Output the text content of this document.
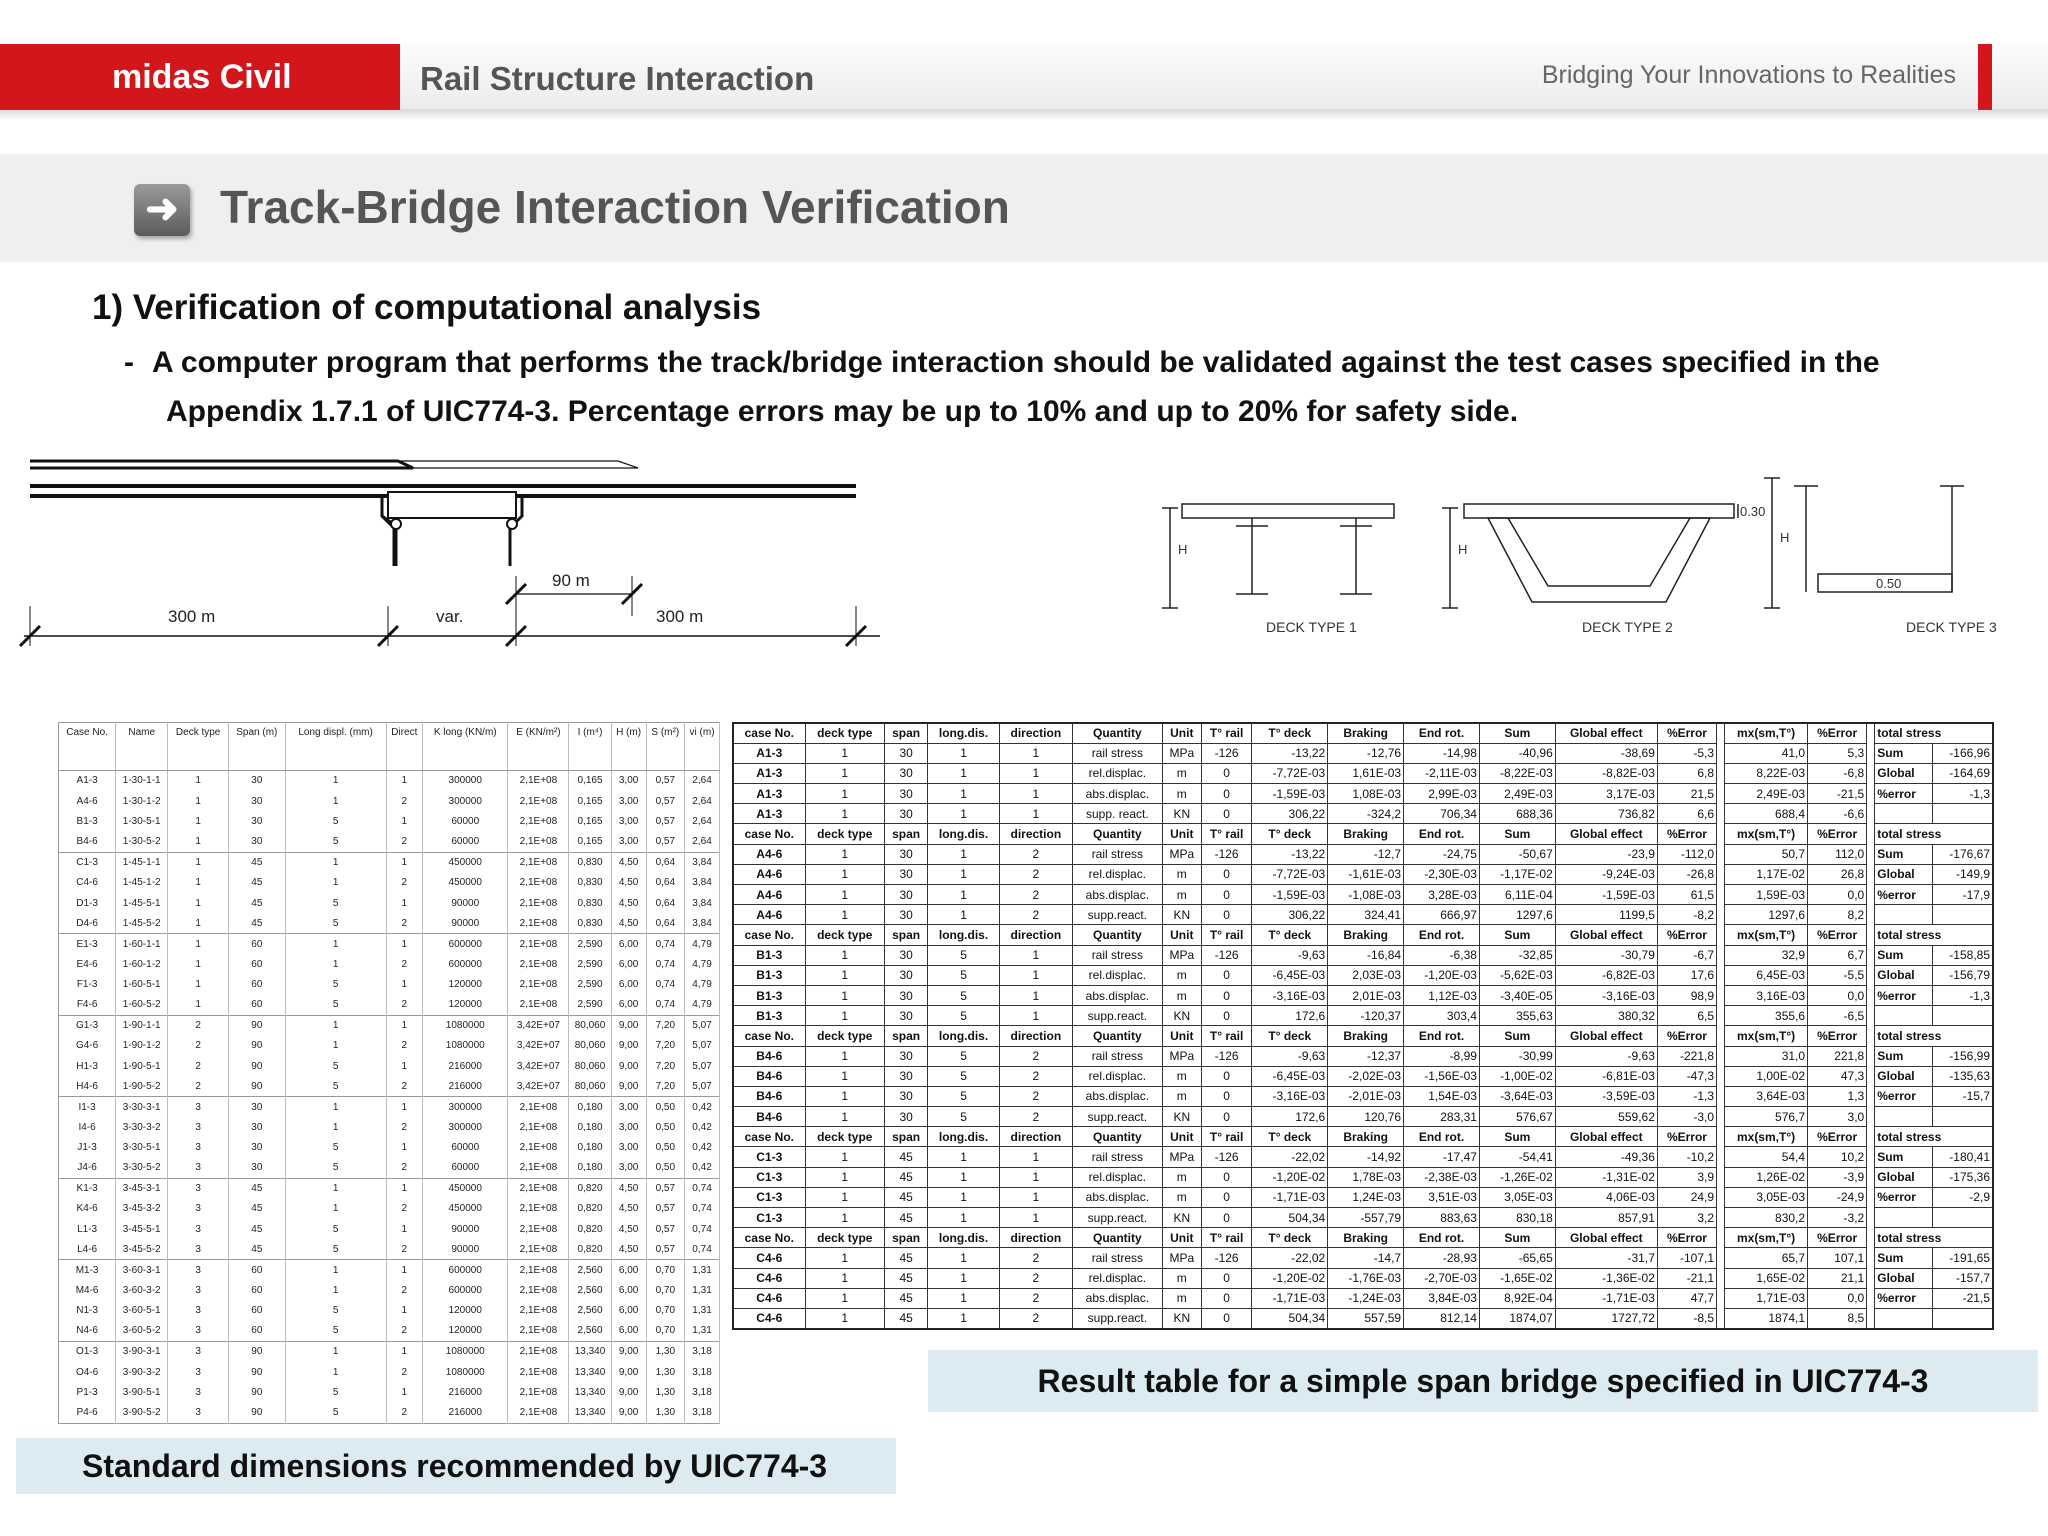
midas Civil	Rail Structure Interaction	Bridging Your Innovations to Realities
➜ Track-Bridge Interaction Verification
1) Verification of computational analysis
- A computer program that performs the track/bridge interaction should be validated against the test cases specified in the
Appendix 1.7.1 of UIC774-3. Percentage errors may be up to 10% and up to 20% for safety side.
300 m	var.
90 m
300 m
H	H
H
0.30
0.50
DECK TYPE 1	DECK TYPE 2	DECK TYPE 3
Case No.	Name	Deck type	Span (m)	Long displ. (mm)	Direct	K long (KN/m)	E (KN/m²)	I (m⁴)	H (m)	S (m²)	vi (m)
A1-3	1-30-1-1	1	30	1	1	300000	2,1E+08	0,165	3,00	0,57	2,64
A4-6	1-30-1-2	1	30	1	2	300000	2,1E+08	0,165	3,00	0,57	2,64
B1-3	1-30-5-1	1	30	5	1	60000	2,1E+08	0,165	3,00	0,57	2,64
B4-6	1-30-5-2	1	30	5	2	60000	2,1E+08	0,165	3,00	0,57	2,64
C1-3	1-45-1-1	1	45	1	1	450000	2,1E+08	0,830	4,50	0,64	3,84
C4-6	1-45-1-2	1	45	1	2	450000	2,1E+08	0,830	4,50	0,64	3,84
D1-3	1-45-5-1	1	45	5	1	90000	2,1E+08	0,830	4,50	0,64	3,84
D4-6	1-45-5-2	1	45	5	2	90000	2,1E+08	0,830	4,50	0,64	3,84
E1-3	1-60-1-1	1	60	1	1	600000	2,1E+08	2,590	6,00	0,74	4,79
E4-6	1-60-1-2	1	60	1	2	600000	2,1E+08	2,590	6,00	0,74	4,79
F1-3	1-60-5-1	1	60	5	1	120000	2,1E+08	2,590	6,00	0,74	4,79
F4-6	1-60-5-2	1	60	5	2	120000	2,1E+08	2,590	6,00	0,74	4,79
G1-3	1-90-1-1	2	90	1	1	1080000	3,42E+07	80,060	9,00	7,20	5,07
G4-6	1-90-1-2	2	90	1	2	1080000	3,42E+07	80,060	9,00	7,20	5,07
H1-3	1-90-5-1	2	90	5	1	216000	3,42E+07	80,060	9,00	7,20	5,07
H4-6	1-90-5-2	2	90	5	2	216000	3,42E+07	80,060	9,00	7,20	5,07
I1-3	3-30-3-1	3	30	1	1	300000	2,1E+08	0,180	3,00	0,50	0,42
I4-6	3-30-3-2	3	30	1	2	300000	2,1E+08	0,180	3,00	0,50	0,42
J1-3	3-30-5-1	3	30	5	1	60000	2,1E+08	0,180	3,00	0,50	0,42
J4-6	3-30-5-2	3	30	5	2	60000	2,1E+08	0,180	3,00	0,50	0,42
K1-3	3-45-3-1	3	45	1	1	450000	2,1E+08	0,820	4,50	0,57	0,74
K4-6	3-45-3-2	3	45	1	2	450000	2,1E+08	0,820	4,50	0,57	0,74
L1-3	3-45-5-1	3	45	5	1	90000	2,1E+08	0,820	4,50	0,57	0,74
L4-6	3-45-5-2	3	45	5	2	90000	2,1E+08	0,820	4,50	0,57	0,74
M1-3	3-60-3-1	3	60	1	1	600000	2,1E+08	2,560	6,00	0,70	1,31
M4-6	3-60-3-2	3	60	1	2	600000	2,1E+08	2,560	6,00	0,70	1,31
N1-3	3-60-5-1	3	60	5	1	120000	2,1E+08	2,560	6,00	0,70	1,31
N4-6	3-60-5-2	3	60	5	2	120000	2,1E+08	2,560	6,00	0,70	1,31
O1-3	3-90-3-1	3	90	1	1	1080000	2,1E+08	13,340	9,00	1,30	3,18
O4-6	3-90-3-2	3	90	1	2	1080000	2,1E+08	13,340	9,00	1,30	3,18
P1-3	3-90-5-1	3	90	5	1	216000	2,1E+08	13,340	9,00	1,30	3,18
P4-6	3-90-5-2	3	90	5	2	216000	2,1E+08	13,340	9,00	1,30	3,18
case No.	deck type	span	long.dis.	direction	Quantity	Unit	T° rail	T° deck	Braking	End rot.	Sum	Global effect	%Error		mx(sm,T°)	%Error		total stress	
A1-3	1	30	1	1	rail stress	MPa	-126	-13,22	-12,76	-14,98	-40,96	-38,69	-5,3		41,0	5,3		Sum	-166,96
A1-3	1	30	1	1	rel.displac.	m	0	-7,72E-03	1,61E-03	-2,11E-03	-8,22E-03	-8,82E-03	6,8		8,22E-03	-6,8		Global	-164,69
A1-3	1	30	1	1	abs.displac.	m	0	-1,59E-03	1,08E-03	2,99E-03	2,49E-03	3,17E-03	21,5		2,49E-03	-21,5		%error	-1,3
A1-3	1	30	1	1	supp. react.	KN	0	306,22	-324,2	706,34	688,36	736,82	6,6		688,4	-6,6			
case No.	deck type	span	long.dis.	direction	Quantity	Unit	T° rail	T° deck	Braking	End rot.	Sum	Global effect	%Error		mx(sm,T°)	%Error		total stress	
A4-6	1	30	1	2	rail stress	MPa	-126	-13,22	-12,7	-24,75	-50,67	-23,9	-112,0		50,7	112,0		Sum	-176,67
A4-6	1	30	1	2	rel.displac.	m	0	-7,72E-03	-1,61E-03	-2,30E-03	-1,17E-02	-9,24E-03	-26,8		1,17E-02	26,8		Global	-149,9
A4-6	1	30	1	2	abs.displac.	m	0	-1,59E-03	-1,08E-03	3,28E-03	6,11E-04	-1,59E-03	61,5		1,59E-03	0,0		%error	-17,9
A4-6	1	30	1	2	supp.react.	KN	0	306,22	324,41	666,97	1297,6	1199,5	-8,2		1297,6	8,2			
case No.	deck type	span	long.dis.	direction	Quantity	Unit	T° rail	T° deck	Braking	End rot.	Sum	Global effect	%Error		mx(sm,T°)	%Error		total stress	
B1-3	1	30	5	1	rail stress	MPa	-126	-9,63	-16,84	-6,38	-32,85	-30,79	-6,7		32,9	6,7		Sum	-158,85
B1-3	1	30	5	1	rel.displac.	m	0	-6,45E-03	2,03E-03	-1,20E-03	-5,62E-03	-6,82E-03	17,6		6,45E-03	-5,5		Global	-156,79
B1-3	1	30	5	1	abs.displac.	m	0	-3,16E-03	2,01E-03	1,12E-03	-3,40E-05	-3,16E-03	98,9		3,16E-03	0,0		%error	-1,3
B1-3	1	30	5	1	supp.react.	KN	0	172,6	-120,37	303,4	355,63	380,32	6,5		355,6	-6,5			
case No.	deck type	span	long.dis.	direction	Quantity	Unit	T° rail	T° deck	Braking	End rot.	Sum	Global effect	%Error		mx(sm,T°)	%Error		total stress	
B4-6	1	30	5	2	rail stress	MPa	-126	-9,63	-12,37	-8,99	-30,99	-9,63	-221,8		31,0	221,8		Sum	-156,99
B4-6	1	30	5	2	rel.displac.	m	0	-6,45E-03	-2,02E-03	-1,56E-03	-1,00E-02	-6,81E-03	-47,3		1,00E-02	47,3		Global	-135,63
B4-6	1	30	5	2	abs.displac.	m	0	-3,16E-03	-2,01E-03	1,54E-03	-3,64E-03	-3,59E-03	-1,3		3,64E-03	1,3		%error	-15,7
B4-6	1	30	5	2	supp.react.	KN	0	172,6	120,76	283,31	576,67	559,62	-3,0		576,7	3,0			
case No.	deck type	span	long.dis.	direction	Quantity	Unit	T° rail	T° deck	Braking	End rot.	Sum	Global effect	%Error		mx(sm,T°)	%Error		total stress	
C1-3	1	45	1	1	rail stress	MPa	-126	-22,02	-14,92	-17,47	-54,41	-49,36	-10,2		54,4	10,2		Sum	-180,41
C1-3	1	45	1	1	rel.displac.	m	0	-1,20E-02	1,78E-03	-2,38E-03	-1,26E-02	-1,31E-02	3,9		1,26E-02	-3,9		Global	-175,36
C1-3	1	45	1	1	abs.displac.	m	0	-1,71E-03	1,24E-03	3,51E-03	3,05E-03	4,06E-03	24,9		3,05E-03	-24,9		%error	-2,9
C1-3	1	45	1	1	supp.react.	KN	0	504,34	-557,79	883,63	830,18	857,91	3,2		830,2	-3,2			
case No.	deck type	span	long.dis.	direction	Quantity	Unit	T° rail	T° deck	Braking	End rot.	Sum	Global effect	%Error		mx(sm,T°)	%Error		total stress	
C4-6	1	45	1	2	rail stress	MPa	-126	-22,02	-14,7	-28,93	-65,65	-31,7	-107,1		65,7	107,1		Sum	-191,65
C4-6	1	45	1	2	rel.displac.	m	0	-1,20E-02	-1,76E-03	-2,70E-03	-1,65E-02	-1,36E-02	-21,1		1,65E-02	21,1		Global	-157,7
C4-6	1	45	1	2	abs.displac.	m	0	-1,71E-03	-1,24E-03	3,84E-03	8,92E-04	-1,71E-03	47,7		1,71E-03	0,0		%error	-21,5
C4-6	1	45	1	2	supp.react.	KN	0	504,34	557,59	812,14	1874,07	1727,72	-8,5		1874,1	8,5			
Standard dimensions recommended by UIC774-3
Result table for a simple span bridge specified in UIC774-3
